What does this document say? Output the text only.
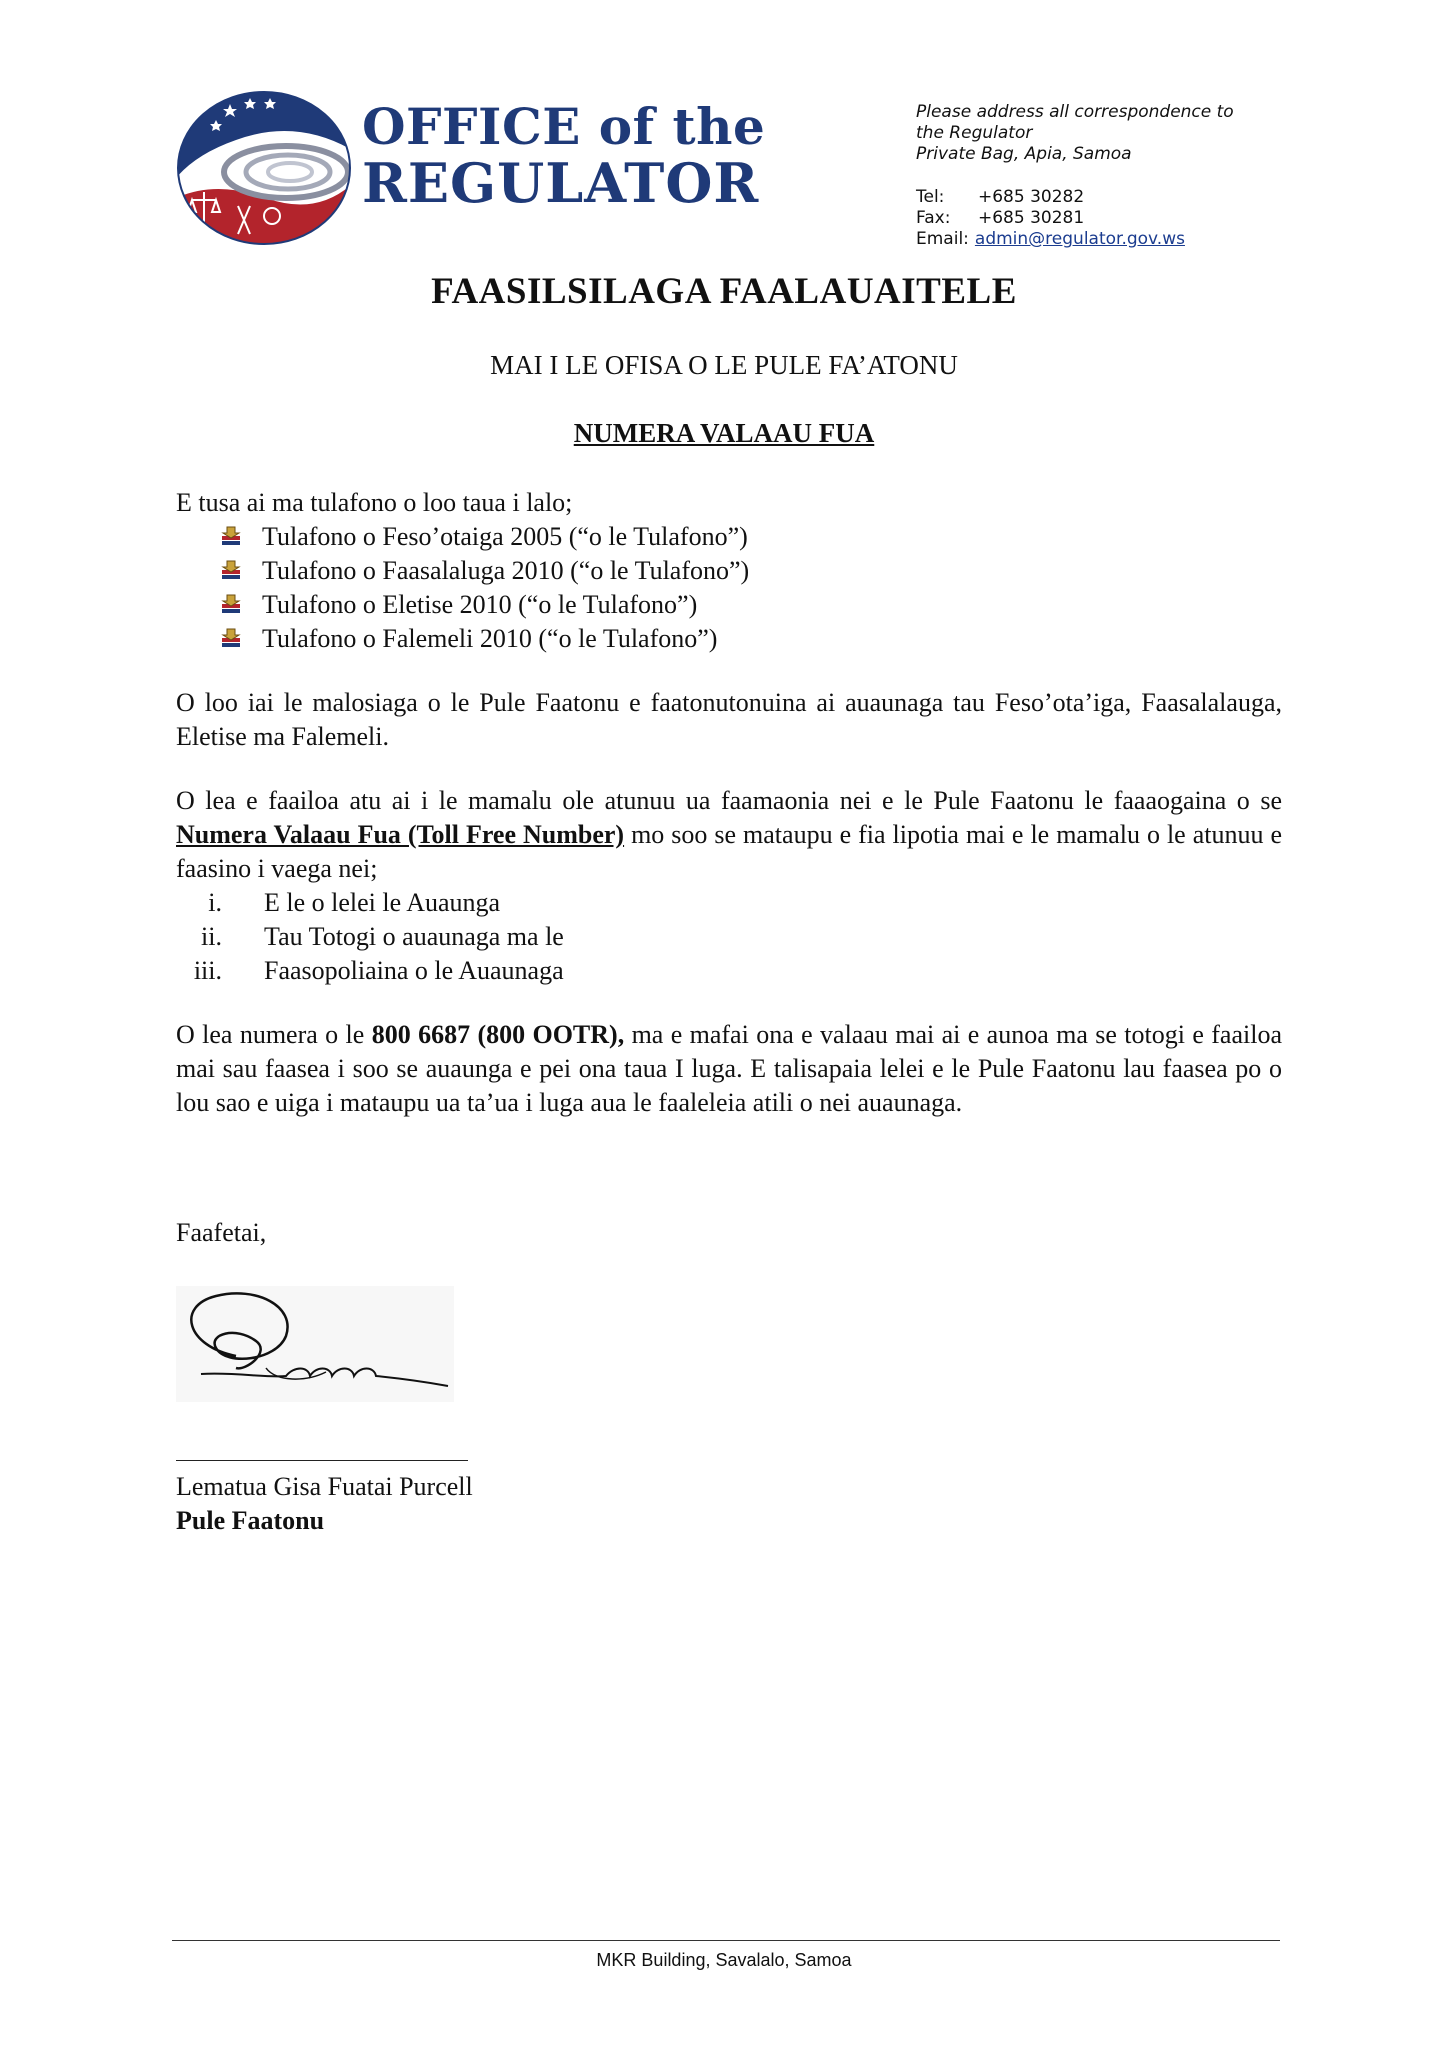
OFFICE of the
REGULATOR
Please address all correspondence to
the Regulator
Private Bag, Apia, Samoa
Tel:	+685 30282
Fax:	+685 30281
Email: admin@regulator.gov.ws
FAASILSILAGA FAALAUAITELE
MAI I LE OFISA O LE PULE FA’ATONU
NUMERA VALAAU FUA

E tusa ai ma tulafono o loo taua i lalo;

Tulafono o Feso’otaiga 2005 (“o le Tulafono”)
Tulafono o Faasalaluga 2010 (“o le Tulafono”)
Tulafono o Eletise 2010 (“o le Tulafono”)
Tulafono o Falemeli 2010 (“o le Tulafono”)

O loo iai le malosiaga o le Pule Faatonu e faatonutonuina ai auaunaga tau Feso’ota’iga, Faasalalauga, Eletise ma Falemeli.

O lea e faailoa atu ai i le mamalu ole atunuu ua faamaonia nei e le Pule Faatonu le faaaogaina o se Numera Valaau Fua (Toll Free Number) mo soo se mataupu e fia lipotia mai e le mamalu o le atunuu e faasino i vaega nei;

i.	E le o lelei le Auaunga
ii.	Tau Totogi o auaunaga ma le
iii.	Faasopoliaina o le Auaunaga

O lea numera o le 800 6687 (800 OOTR), ma e mafai ona e valaau mai ai e aunoa ma se totogi e faailoa mai sau faasea i soo se auaunga e pei ona taua I luga. E talisapaia lelei e le Pule Faatonu lau faasea po o lou sao e uiga i mataupu ua ta’ua i luga aua le faaleleia atili o nei auaunaga.

Faafetai,
Lematua Gisa Fuatai Purcell
Pule Faatonu
MKR Building, Savalalo, Samoa
